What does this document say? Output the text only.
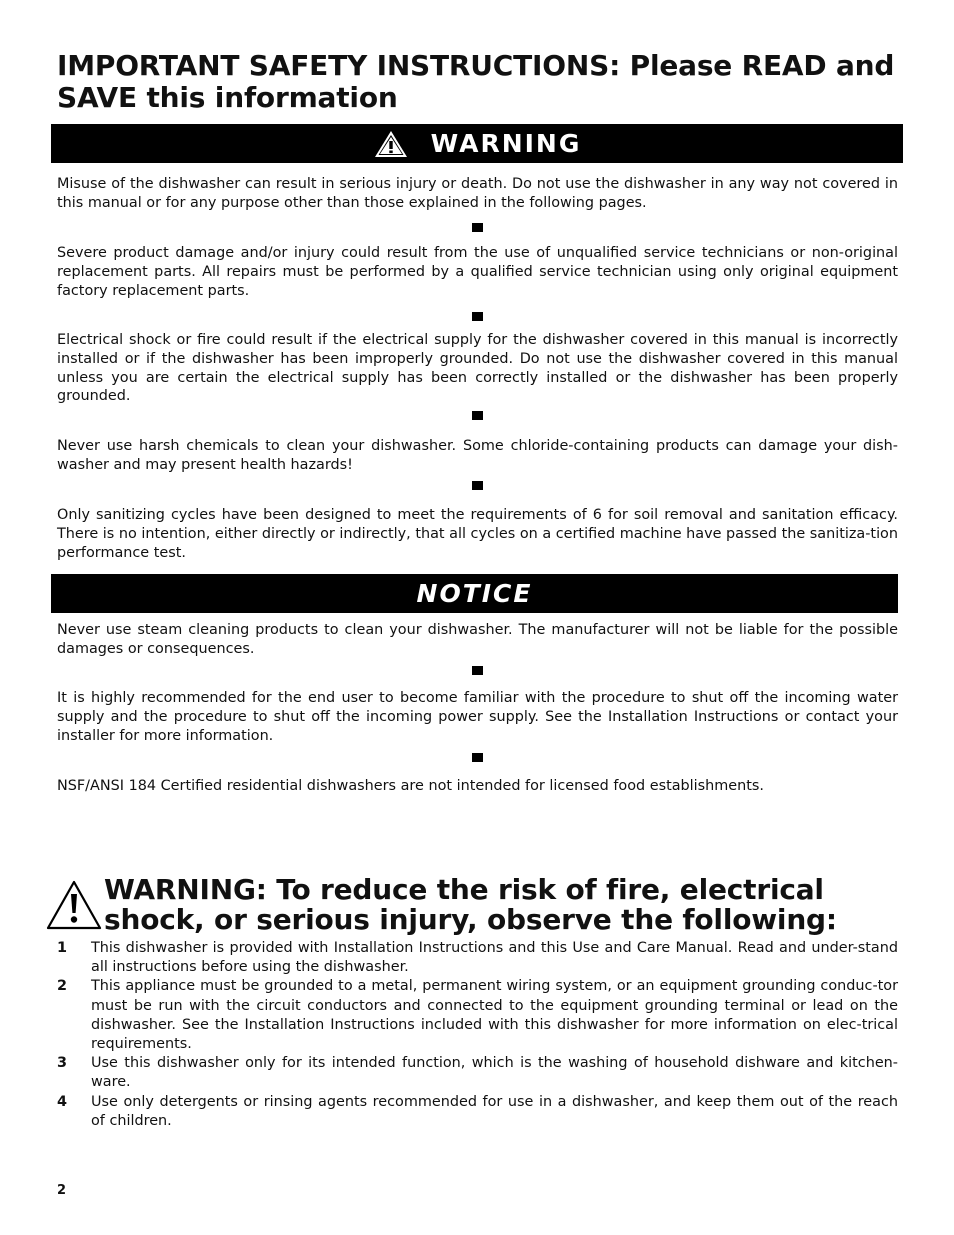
IMPORTANT SAFETY INSTRUCTIONS: Please READ and SAVE this information
WARNING

Misuse of the dishwasher can result in serious injury or death. Do not use the dishwasher in any way not covered in this manual or for any purpose other than those explained in the following pages.

Severe product damage and/or injury could result from the use of unqualified service technicians or non-original replacement parts. All repairs must be performed by a qualified service technician using only original equipment factory replacement parts.

Electrical shock or fire could result if the electrical supply for the dishwasher covered in this manual is incorrectly installed or if the dishwasher has been improperly grounded. Do not use the dishwasher covered in this manual unless you are certain the electrical supply has been correctly installed or the dishwasher has been properly grounded.

Never use harsh chemicals to clean your dishwasher. Some chloride-containing products can damage your dish-washer and may present health hazards!

Only sanitizing cycles have been designed to meet the requirements of 6 for soil removal and sanitation efficacy. There is no intention, either directly or indirectly, that all cycles on a certified machine have passed the sanitiza-tion performance test.

NOTICE

Never use steam cleaning products to clean your dishwasher. The manufacturer will not be liable for the possible damages or consequences.

It is highly recommended for the end user to become familiar with the procedure to shut off the incoming water supply and the procedure to shut off the incoming power supply. See the Installation Instructions or contact your installer for more information.

NSF/ANSI 184 Certified residential dishwashers are not intended for licensed food establishments.

WARNING: To reduce the risk of fire, electrical shock, or serious injury, observe the following:
1	This dishwasher is provided with Installation Instructions and this Use and Care Manual. Read and under-stand all instructions before using the dishwasher.
2	This appliance must be grounded to a metal, permanent wiring system, or an equipment grounding conduc-tor must be run with the circuit conductors and connected to the equipment grounding terminal or lead on the dishwasher. See the Installation Instructions included with this dishwasher for more information on elec-trical requirements.
3	Use this dishwasher only for its intended function, which is the washing of household dishware and kitchen-ware.
4	Use only detergents or rinsing agents recommended for use in a dishwasher, and keep them out of the reach of children.

2
